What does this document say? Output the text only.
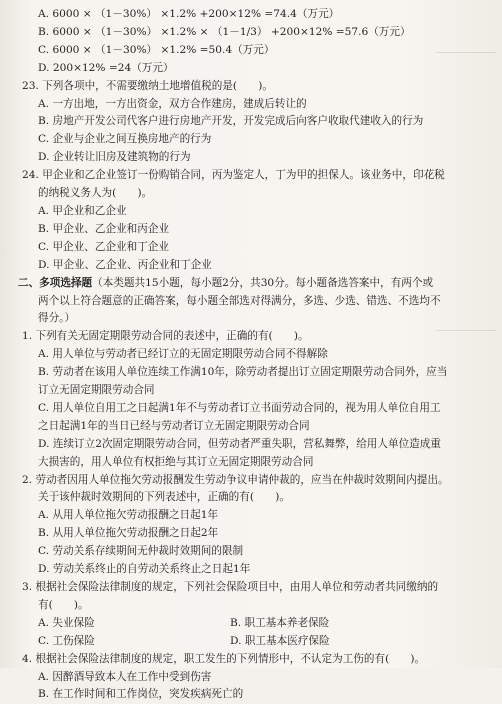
A. 6000 × （1－30%） ×1.2% +200×12% =74.4（万元）
B. 6000 × （1－30%） ×1.2% × （1－1/3） +200×12% =57.6（万元）
C. 6000 × （1－30%） ×1.2% =50.4（万元）
D. 200×12% =24（万元）
23. 下列各项中，不需要缴纳土地增值税的是(　　)。
A. 一方出地，一方出资金，双方合作建房，建成后转让的
B. 房地产开发公司代客户进行房地产开发，开发完成后向客户收取代建收入的行为
C. 企业与企业之间互换房地产的行为
D. 企业转让旧房及建筑物的行为
24. 甲企业和乙企业签订一份购销合同，丙为鉴定人，丁为甲的担保人。该业务中，印花税
的纳税义务人为(　　)。
A. 甲企业和乙企业
B. 甲企业、乙企业和丙企业
C. 甲企业、乙企业和丁企业
D. 甲企业、乙企业、丙企业和丁企业
二、多项选择题（本类题共15小题，每小题2分，共30分。每小题备选答案中，有两个或
两个以上符合题意的正确答案，每小题全部选对得满分，多选、少选、错选、不选均不
得分。）
1. 下列有关无固定期限劳动合同的表述中，正确的有(　　)。
A. 用人单位与劳动者已经订立的无固定期限劳动合同不得解除
B. 劳动者在该用人单位连续工作满10年，除劳动者提出订立固定期限劳动合同外，应当
订立无固定期限劳动合同
C. 用人单位自用工之日起满1年不与劳动者订立书面劳动合同的，视为用人单位自用工
之日起满1年的当日已经与劳动者订立无固定期限劳动合同
D. 连续订立2次固定期限劳动合同，但劳动者严重失职，营私舞弊，给用人单位造成重
大损害的，用人单位有权拒绝与其订立无固定期限劳动合同
2. 劳动者因用人单位拖欠劳动报酬发生劳动争议申请仲裁的，应当在仲裁时效期间内提出。
关于该仲裁时效期间的下列表述中，正确的有(　　)。
A. 从用人单位拖欠劳动报酬之日起1年
B. 从用人单位拖欠劳动报酬之日起2年
C. 劳动关系存续期间无仲裁时效期间的限制
D. 劳动关系终止的自劳动关系终止之日起1年
3. 根据社会保险法律制度的规定，下列社会保险项目中，由用人单位和劳动者共同缴纳的
有(　　)。
A. 失业保险	B. 职工基本养老保险
C. 工伤保险	D. 职工基本医疗保险
4. 根据社会保险法律制度的规定，职工发生的下列情形中，不认定为工伤的有(　　)。
A. 因醉酒导致本人在工作中受到伤害
B. 在工作时间和工作岗位，突发疾病死亡的
